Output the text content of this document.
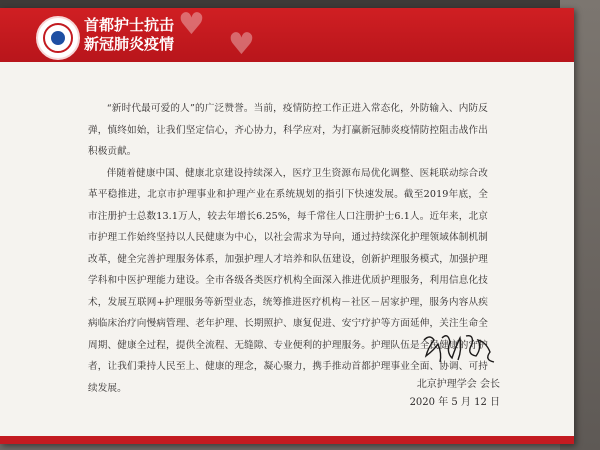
♥
♥
首都护士抗击
新冠肺炎疫情

“新时代最可爱的人”的广泛赞誉。当前，疫情防控工作正进入常态化，外防输入、内防反弹，慎终如始，让我们坚定信心，齐心协力，科学应对，为打赢新冠肺炎疫情防控阻击战作出积极贡献。

伴随着健康中国、健康北京建设持续深入，医疗卫生资源布局优化调整、医耗联动综合改革平稳推进，北京市护理事业和护理产业在系统规划的指引下快速发展。截至2019年底，全市注册护士总数13.1万人，较去年增长6.25%，每千常住人口注册护士6.1人。近年来，北京市护理工作始终坚持以人民健康为中心，以社会需求为导向，通过持续深化护理领域体制机制改革，健全完善护理服务体系，加强护理人才培养和队伍建设，创新护理服务模式，加强护理学科和中医护理能力建设。全市各级各类医疗机构全面深入推进优质护理服务，利用信息化技术，发展互联网+护理服务等新型业态，统筹推进医疗机构－社区－居家护理，服务内容从疾病临床治疗向慢病管理、老年护理、长期照护、康复促进、安宁疗护等方面延伸，关注生命全周期、健康全过程，提供全流程、无缝隙、专业便利的护理服务。护理队伍是全民健康的守护者，让我们秉持人民至上、健康的理念，凝心聚力，携手推动首都护理事业全面、协调、可持续发展。	北京护理学会 会长
2020 年 5 月 12 日
